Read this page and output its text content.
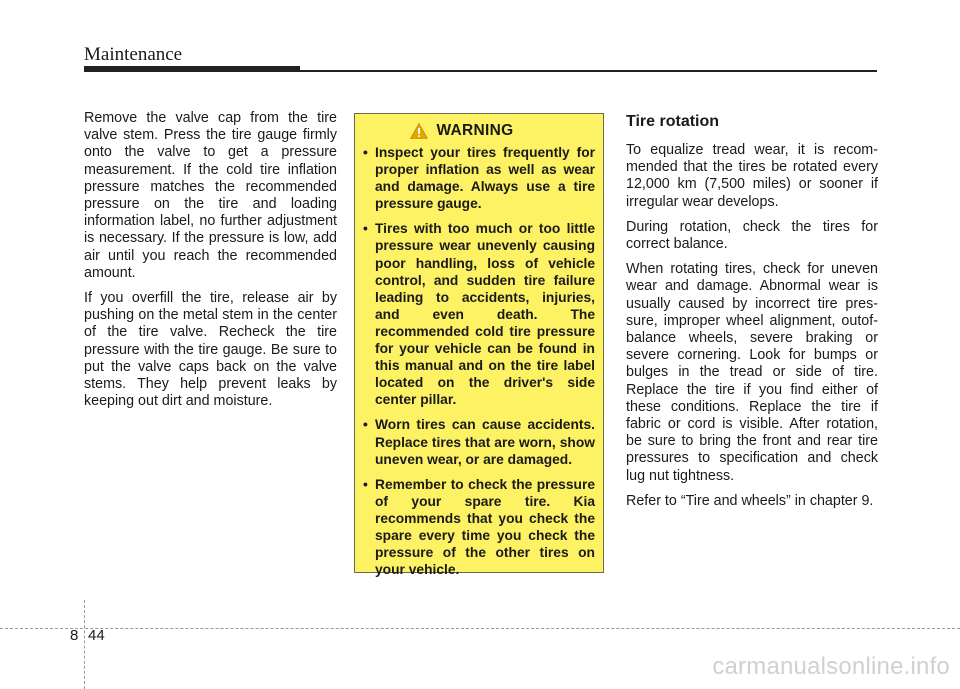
Maintenance

Remove the valve cap from the tire valve stem. Press the tire gauge firmly onto the valve to get a pressure measurement. If the cold tire inflation pressure matches the recommended pressure on the tire and loading information label, no further adjustment is necessary. If the pressure is low, add air until you reach the recommended amount.

If you overfill the tire, release air by pushing on the metal stem in the center of the tire valve. Recheck the tire pressure with the tire gauge. Be sure to put the valve caps back on the valve stems. They help prevent leaks by keeping out dirt and moisture.

WARNING
• Inspect your tires frequently for proper inflation as well as wear and damage. Always use a tire pressure gauge.
• Tires with too much or too little pressure wear unevenly causing poor handling, loss of vehicle control, and sudden tire failure leading to accidents, injuries, and even death. The recommended cold tire pressure for your vehicle can be found in this manual and on the tire label located on the driver's side center pillar.
• Worn tires can cause accidents. Replace tires that are worn, show uneven wear, or are damaged.
• Remember to check the pressure of your spare tire. Kia recommends that you check the spare every time you check the pressure of the other tires on your vehicle.
Tire rotation

To equalize tread wear, it is recommended that the tires be rotated every 12,000 km (7,500 miles) or sooner if irregular wear develops.

During rotation, check the tires for correct balance.

When rotating tires, check for uneven wear and damage. Abnormal wear is usually caused by incorrect tire pressure, improper wheel alignment, outof-balance wheels, severe braking or severe cornering. Look for bumps or bulges in the tread or side of tire. Replace the tire if you find either of these conditions. Replace the tire if fabric or cord is visible. After rotation, be sure to bring the front and rear tire pressures to specification and check lug nut tightness.

Refer to “Tire and wheels” in chapter 9.

8 44
carmanualsonline.info
